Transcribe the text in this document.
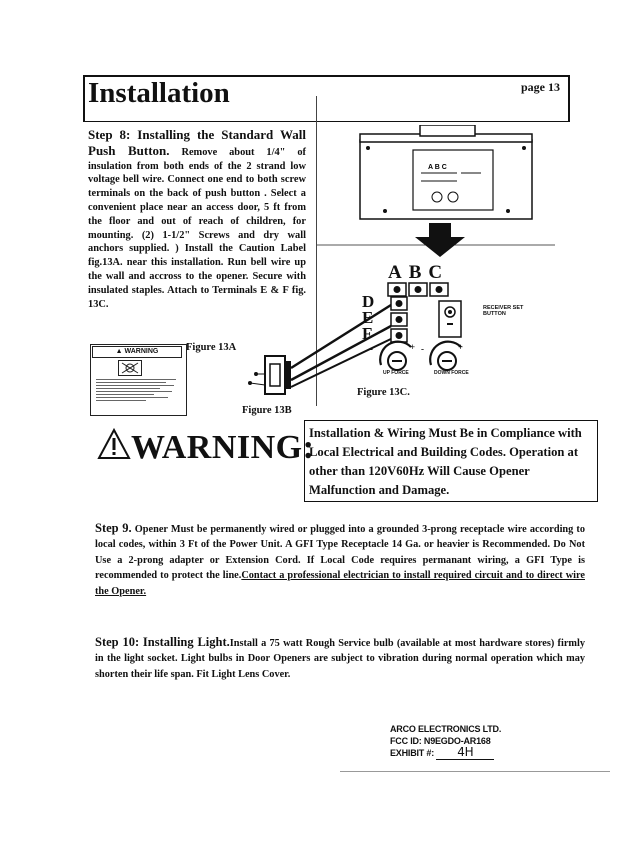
Installation	page 13
Step 8: Installing the Standard Wall Push Button. Remove about 1/4" of insulation from both ends of the 2 strand low voltage bell wire. Connect one end to both screw terminals on the back of push button . Select a convenient place near an access door, 5 ft from the floor and out of reach of children, for mounting. (2) 1-1/2" Screws and dry wall anchors supplied. ) Install the Caution Label fig.13A. near this installation. Run bell wire up the wall and accross to the opener. Secure with insulated staples. Attach to Terminals E & F fig. 13C.
▲ WARNING	Figure 13A
Figure 13B
A B C
ABC
D
E
F
RECEIVER SET BUTTON
UP FORCE	DOWN FORCE
-	+ -	+
Figure 13C.
WARNING:
Installation & Wiring Must Be in Compliance with Local Electrical and Building Codes. Operation at other than 120V60Hz Will Cause Opener Malfunction and Damage.
Step 9. Opener Must be permanently wired or plugged into a grounded 3-prong receptacle wire according to local codes, within 3 Ft of the Power Unit. A GFI Type Receptacle 14 Ga. or heavier is Recommended. Do Not Use a 2-prong adapter or Extension Cord. If Local Code requires permanant wiring, a GFI Type is recommended to protect the line.Contact a professional electrician to install required circuit and to direct wire the Opener.
Step 10: Installing Light.Install a 75 watt Rough Service bulb (available at most hardware stores) firmly in the light socket. Light bulbs in Door Openers are subject to vibration during normal operation which may shorten their life span. Fit Light Lens Cover.
ARCO ELECTRONICS LTD.
FCC ID: N9EGDO-AR168
EXHIBIT #: 4H
